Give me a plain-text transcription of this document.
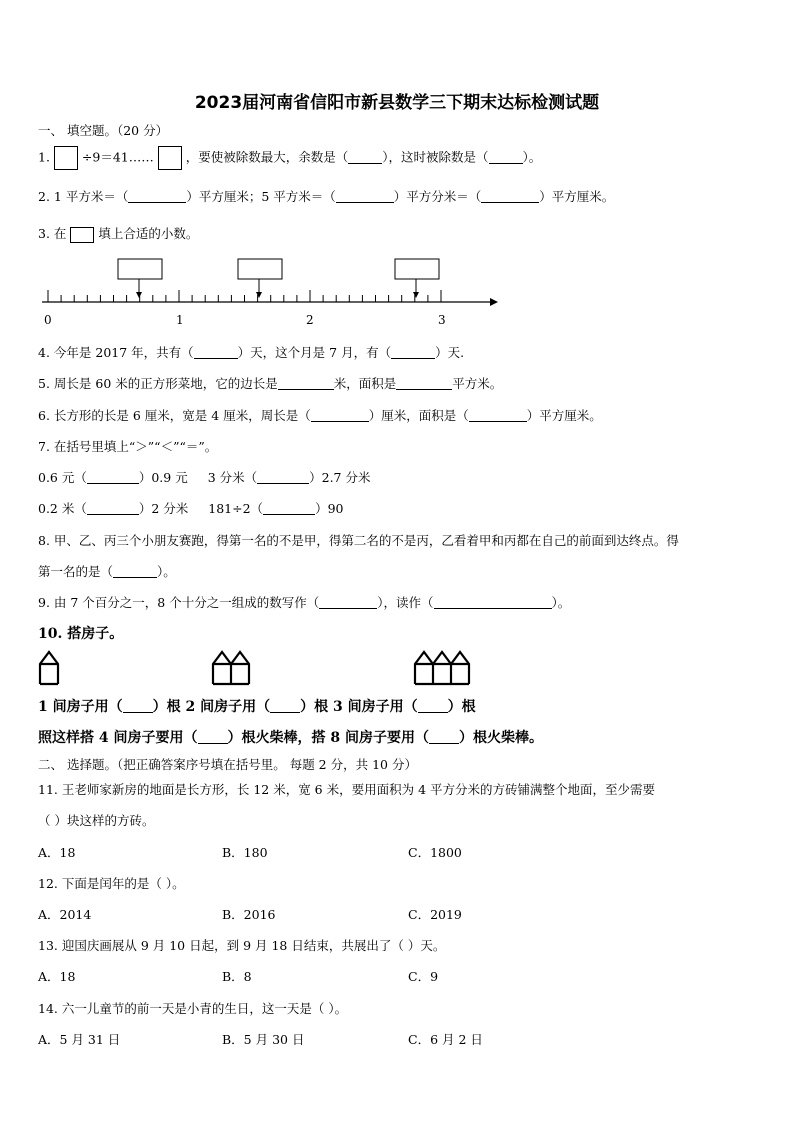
2023届河南省信阳市新县数学三下期末达标检测试题
一、 填空题。（20 分）
1.	÷9＝41……	，要使被除数最大，余数是（	），这时被除数是（	）。
2. 1 平方米＝（	）平方厘米；5 平方米＝（	）平方分米＝（	）平方厘米。
3. 在	填上合适的小数。
0	1	2	3
4. 今年是 2017 年，共有（	）天，这个月是 7 月，有（	）天.
5. 周长是 60 米的正方形菜地，它的边长是	米，面积是	平方米。
6. 长方形的长是 6 厘米，宽是 4 厘米，周长是（	）厘米，面积是（	）平方厘米。
7. 在括号里填上“＞”“＜”“＝”。
0.6 元（	）0.9 元 3 分米（	）2.7 分米
0.2 米（	）2 分米 181÷2（	）90
8. 甲、乙、丙三个小朋友赛跑，得第一名的不是甲，得第二名的不是丙，乙看着甲和丙都在自己的前面到达终点。得
第一名的是（	）。
9. 由 7 个百分之一，8 个十分之一组成的数写作（	），读作（	）。
10. 搭房子。
1 间房子用（ ）根 2 间房子用（ ）根 3 间房子用（ ）根
照这样搭 4 间房子要用（ ）根火柴棒，搭 8 间房子要用（ ）根火柴棒。
二、 选择题。（把正确答案序号填在括号里。 每题 2 分，共 10 分）
11. 王老师家新房的地面是长方形，长 12 米，宽 6 米，要用面积为 4 平方分米的方砖铺满整个地面，至少需要
（ ）块这样的方砖。
A．18	B．180	C．1800
12. 下面是闰年的是（ ）。
A．2014	B．2016	C．2019
13. 迎国庆画展从 9 月 10 日起，到 9 月 18 日结束，共展出了（ ）天。
A．18	B．8	C．9
14. 六一儿童节的前一天是小青的生日，这一天是（ ）。
A．5 月 31 日	B．5 月 30 日	C．6 月 2 日
